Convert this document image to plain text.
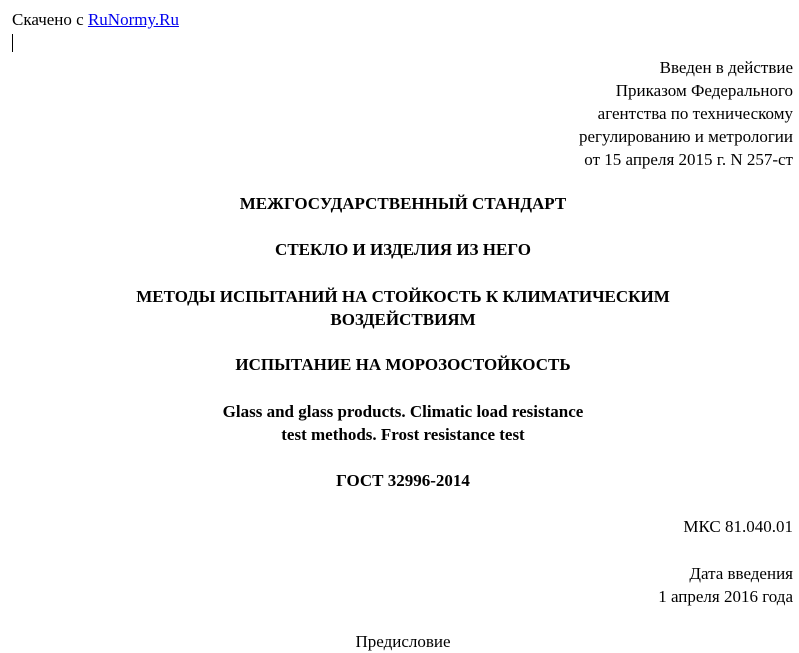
Скачено с RuNormy.Ru
Введен в действие
Приказом Федерального
агентства по техническому
регулированию и метрологии
от 15 апреля 2015 г. N 257-ст
МЕЖГОСУДАРСТВЕННЫЙ СТАНДАРТ
СТЕКЛО И ИЗДЕЛИЯ ИЗ НЕГО
МЕТОДЫ ИСПЫТАНИЙ НА СТОЙКОСТЬ К КЛИМАТИЧЕСКИМ
ВОЗДЕЙСТВИЯМ
ИСПЫТАНИЕ НА МОРОЗОСТОЙКОСТЬ
Glass and glass products. Climatic load resistance
test methods. Frost resistance test
ГОСТ 32996-2014
МКС 81.040.01
Дата введения
1 апреля 2016 года
Предисловие
